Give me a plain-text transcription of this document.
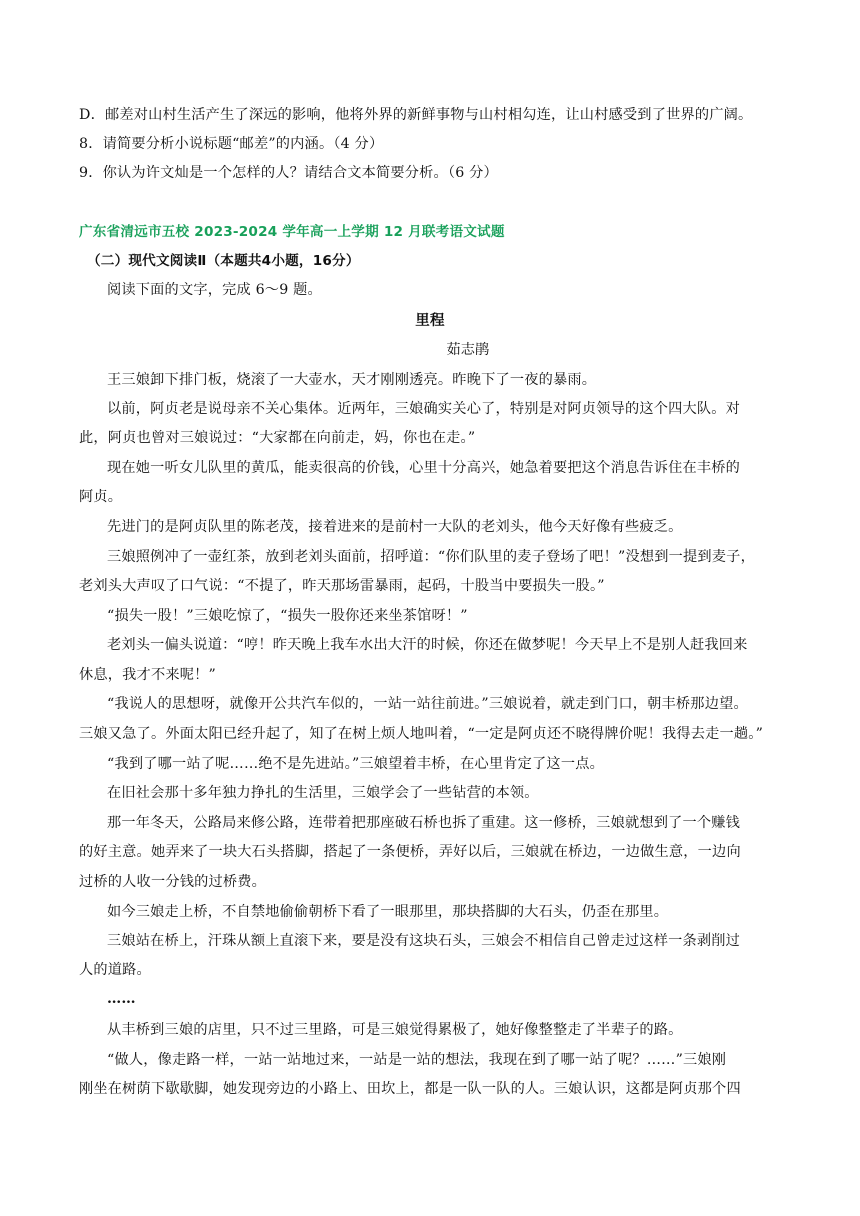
D．邮差对山村生活产生了深远的影响，他将外界的新鲜事物与山村相勾连，让山村感受到了世界的广阔。
8．请简要分析小说标题“邮差”的内涵。（4 分）
9．你认为许文灿是一个怎样的人？请结合文本简要分析。（6 分）
广东省清远市五校 2023-2024 学年高一上学期 12 月联考语文试题
（二）现代文阅读Ⅱ（本题共4小题，16分）
阅读下面的文字，完成 6～9 题。
里程
茹志鹃
王三娘卸下排门板，烧滚了一大壶水，天才刚刚透亮。昨晚下了一夜的暴雨。
以前，阿贞老是说母亲不关心集体。近两年，三娘确实关心了，特别是对阿贞领导的这个四大队。对
此，阿贞也曾对三娘说过：“大家都在向前走，妈，你也在走。”
现在她一听女儿队里的黄瓜，能卖很高的价钱，心里十分高兴，她急着要把这个消息告诉住在丰桥的
阿贞。
先进门的是阿贞队里的陈老茂，接着进来的是前村一大队的老刘头，他今天好像有些疲乏。
三娘照例冲了一壶红茶，放到老刘头面前，招呼道：“你们队里的麦子登场了吧！”没想到一提到麦子，
老刘头大声叹了口气说：“不提了，昨天那场雷暴雨，起码，十股当中要损失一股。”
“损失一股！”三娘吃惊了，“损失一股你还来坐茶馆呀！”
老刘头一偏头说道：“哼！昨天晚上我车水出大汗的时候，你还在做梦呢！今天早上不是别人赶我回来
休息，我才不来呢！”
“我说人的思想呀，就像开公共汽车似的，一站一站往前进。”三娘说着，就走到门口，朝丰桥那边望。
三娘又急了。外面太阳已经升起了，知了在树上烦人地叫着，“一定是阿贞还不晓得牌价呢！我得去走一趟。”
“我到了哪一站了呢……绝不是先进站。”三娘望着丰桥，在心里肯定了这一点。
在旧社会那十多年独力挣扎的生活里，三娘学会了一些钻营的本领。
那一年冬天，公路局来修公路，连带着把那座破石桥也拆了重建。这一修桥，三娘就想到了一个赚钱
的好主意。她弄来了一块大石头搭脚，搭起了一条便桥，弄好以后，三娘就在桥边，一边做生意，一边向
过桥的人收一分钱的过桥费。
如今三娘走上桥，不自禁地偷偷朝桥下看了一眼那里，那块搭脚的大石头，仍歪在那里。
三娘站在桥上，汗珠从额上直滚下来，要是没有这块石头，三娘会不相信自己曾走过这样一条剥削过
人的道路。
……
从丰桥到三娘的店里，只不过三里路，可是三娘觉得累极了，她好像整整走了半辈子的路。
“做人，像走路一样，一站一站地过来，一站是一站的想法，我现在到了哪一站了呢？……”三娘刚
刚坐在树荫下歇歇脚，她发现旁边的小路上、田坎上，都是一队一队的人。三娘认识，这都是阿贞那个四
